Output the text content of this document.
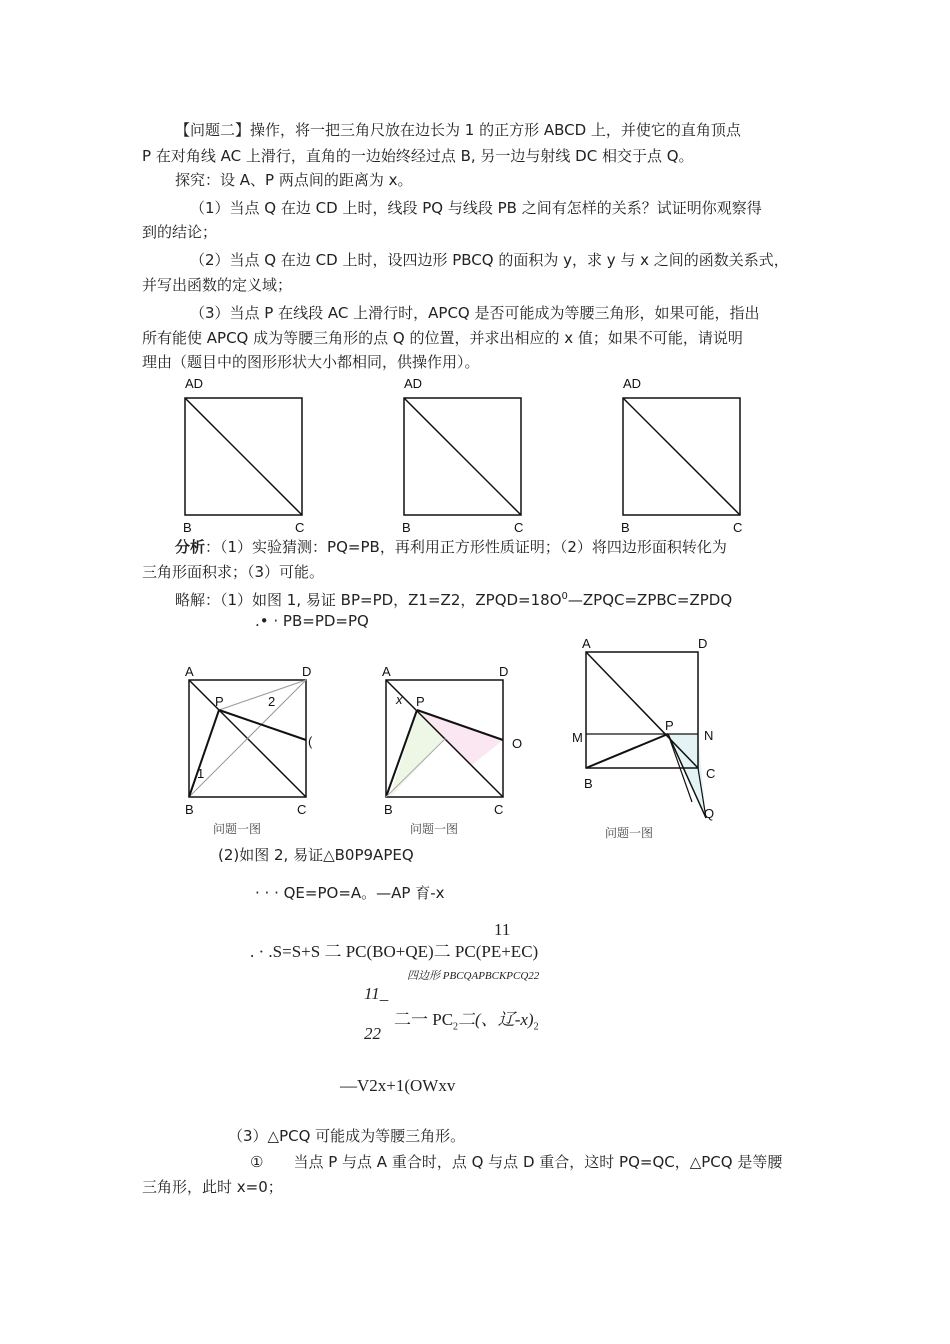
【问题二】操作，将一把三角尺放在边长为 1 的正方形 ABCD 上，并使它的直角顶点
P 在对角线 AC 上滑行，直角的一边始终经过点 B, 另一边与射线 DC 相交于点 Q。
探究：设 A、P 两点间的距离为 x。
（1）当点 Q 在边 CD 上时，线段 PQ 与线段 PB 之间有怎样的关系？试证明你观察得
到的结论；
（2）当点 Q 在边 CD 上时，设四边形 PBCQ 的面积为 y，求 y 与 x 之间的函数关系式，
并写出函数的定义域；
（3）当点 P 在线段 AC 上滑行时，APCQ 是否可能成为等腰三角形，如果可能，指出
所有能使 APCQ 成为等腰三角形的点 Q 的位置，并求出相应的 x 值；如果不可能，请说明
理由（题目中的图形形状大小都相同，供操作用）。
AD
B	C
AD
B	C
AD
B	C
分析：（1）实验猜测：PQ=PB，再利用正方形性质证明；（2）将四边形面积转化为
三角形面积求；（3）可能。
略解：（1）如图 1, 易证 BP=PD，Z1=Z2，$ZPQD=18O^0—ZPQC=ZPBC=ZPDQ$
.• · PB=PD=PQ
A	D
P	2
1
(
B	C
问题一图
A	D
x P
O
B	C
问题一图
A	D
P
M	N
B
C
Q
问题一图
(2)如图 2, 易证△B0P9APEQ
· · · QE=PO=A。—AP 育-x
11
. · .S=S+S 二 PC(BO+QE)二 PC(PE+EC)
四边形 PBCQAPBCKPCQ22
11_
二一 $PC_2$二(、辽$-x)_2$
22
—V2x+1(OWxv
（3）△PCQ 可能成为等腰三角形。
①　　当点 P 与点 A 重合时，点 Q 与点 D 重合，这时 PQ=QC，△PCQ 是等腰
三角形，此时 x=0；
